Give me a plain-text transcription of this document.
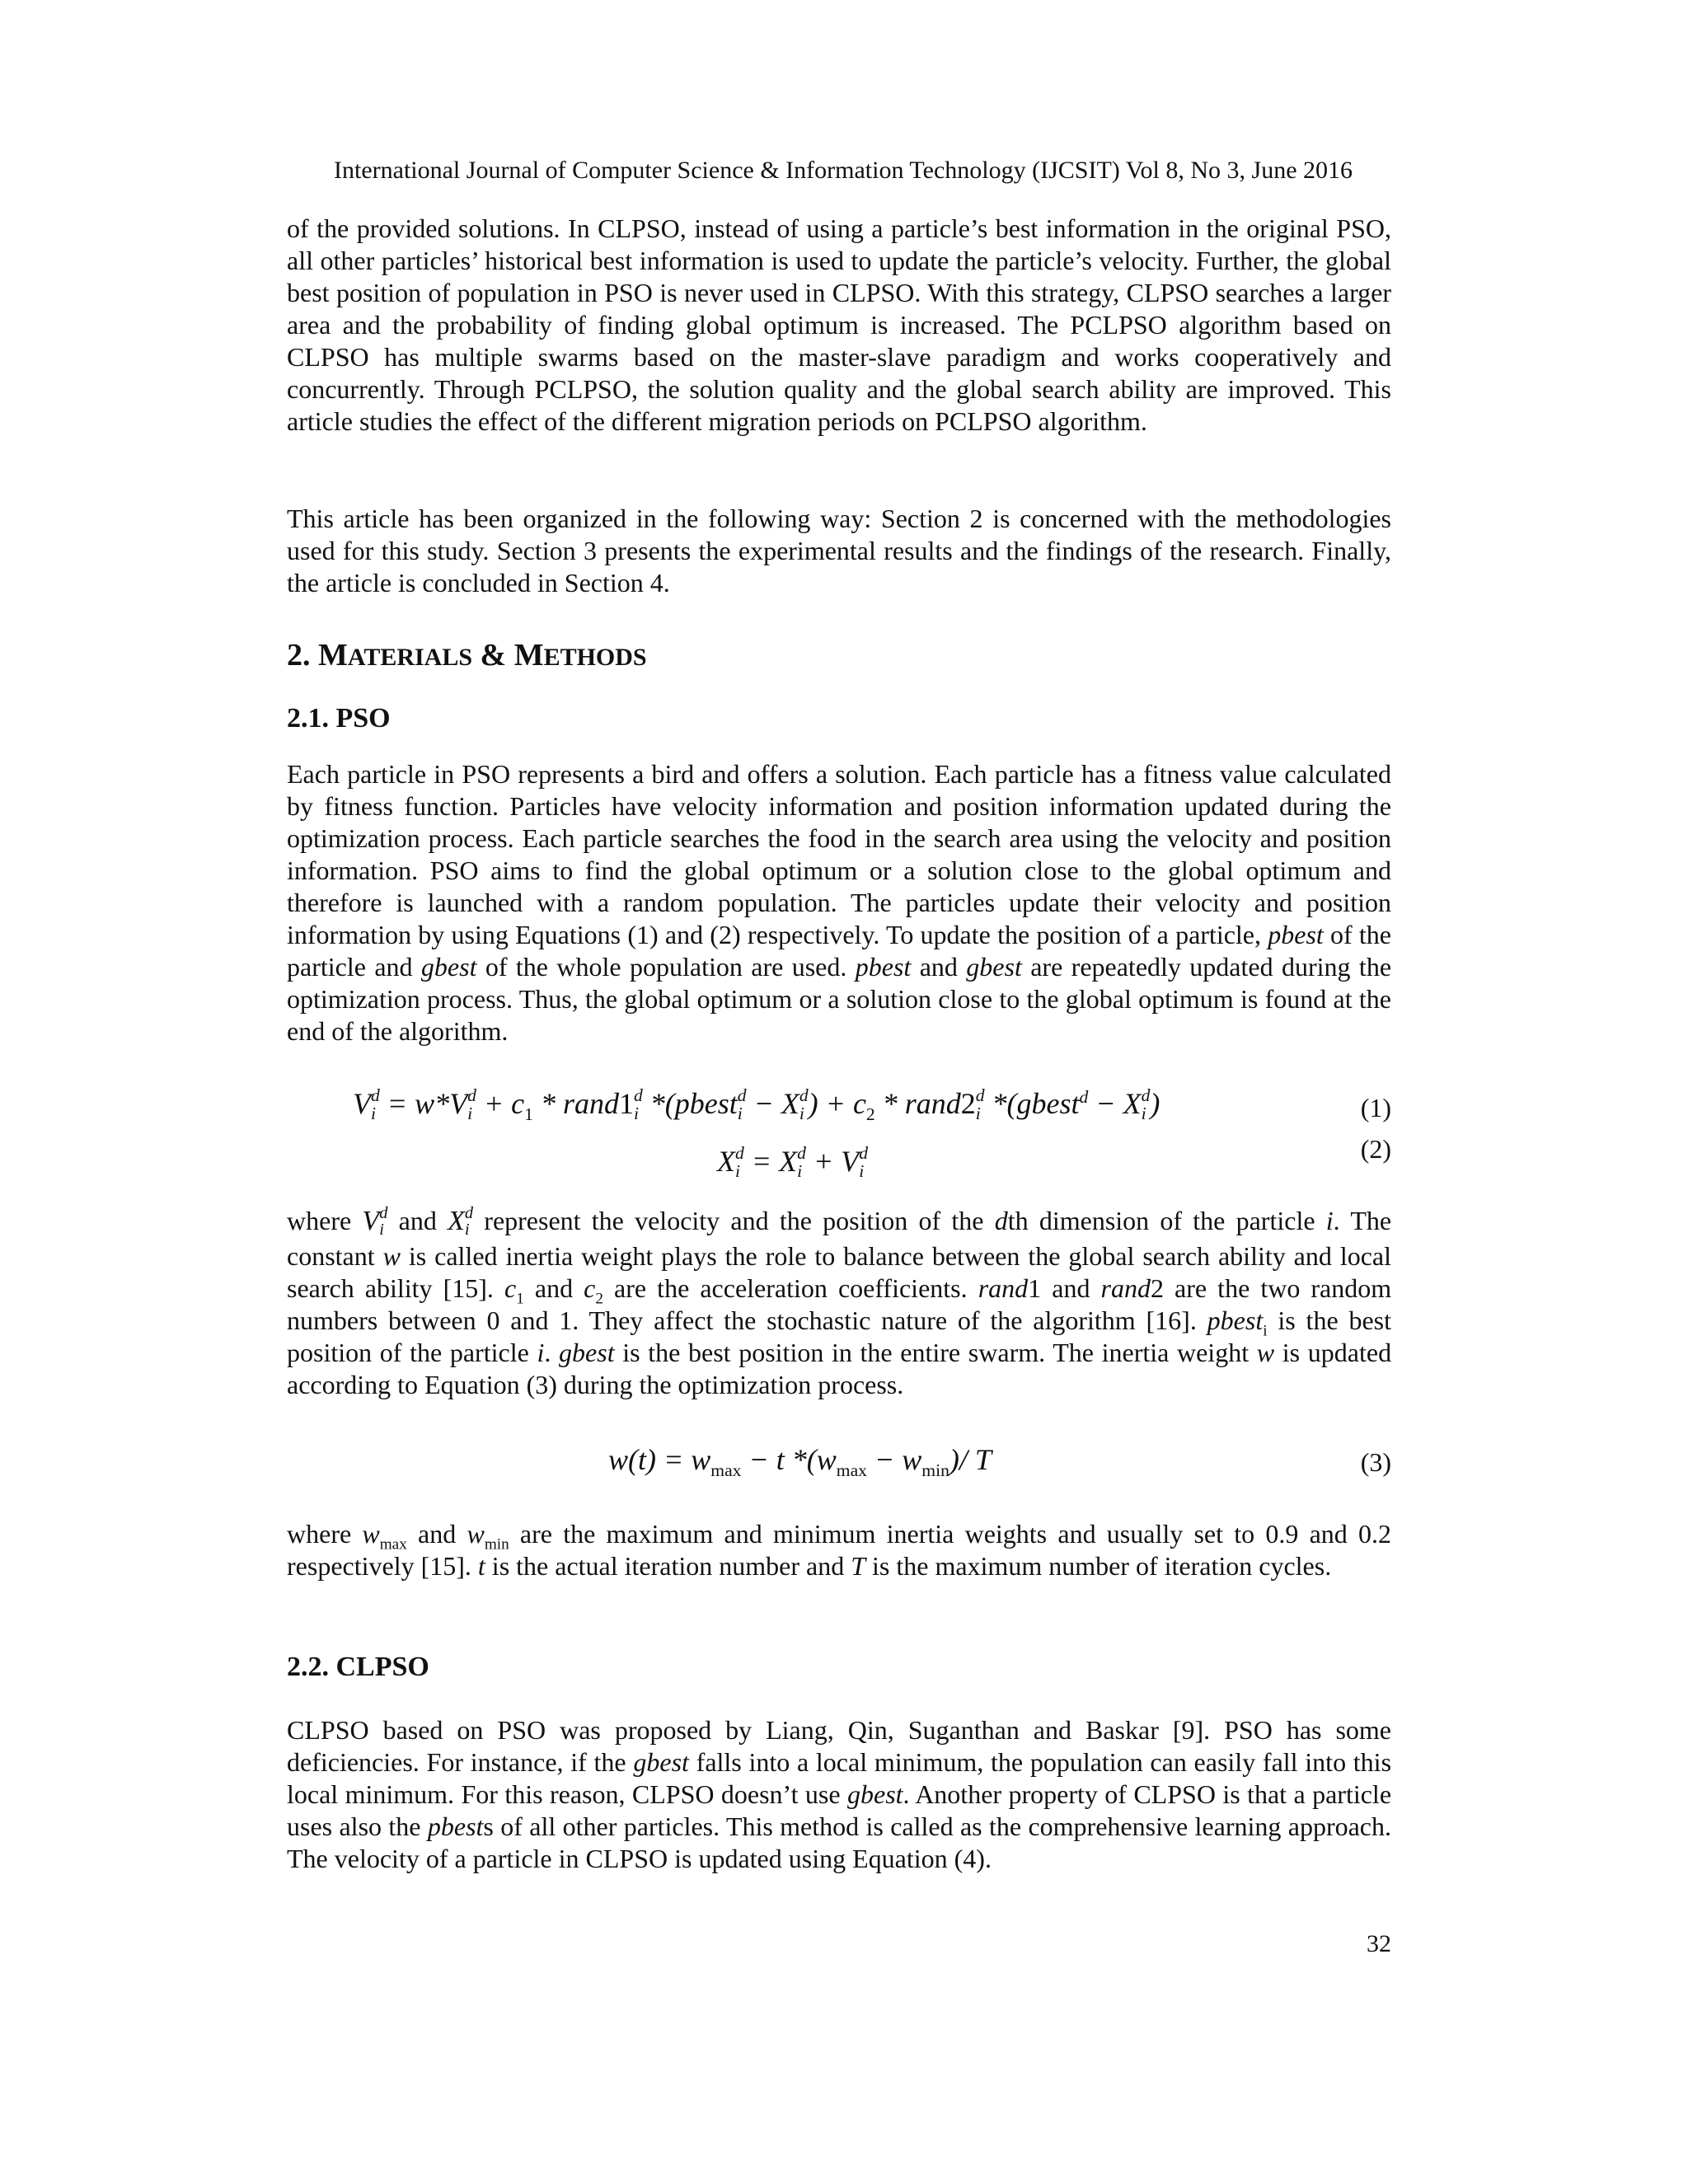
International Journal of Computer Science & Information Technology (IJCSIT) Vol 8, No 3, June 2016

of the provided solutions. In CLPSO, instead of using a particle’s best information in the original PSO, all other particles’ historical best information is used to update the particle’s velocity. Further, the global best position of population in PSO is never used in CLPSO. With this strategy, CLPSO searches a larger area and the probability of finding global optimum is increased. The PCLPSO algorithm based on CLPSO has multiple swarms based on the master-slave paradigm and works cooperatively and concurrently. Through PCLPSO, the solution quality and the global search ability are improved. This article studies the effect of the different migration periods on PCLPSO algorithm.

This article has been organized in the following way: Section 2 is concerned with the methodologies used for this study. Section 3 presents the experimental results and the findings of the research. Finally, the article is concluded in Section 4.

2. MATERIALS & METHODS
2.1. PSO

Each particle in PSO represents a bird and offers a solution. Each particle has a fitness value calculated by fitness function. Particles have velocity information and position information updated during the optimization process. Each particle searches the food in the search area using the velocity and position information. PSO aims to find the global optimum or a solution close to the global optimum and therefore is launched with a random population. The particles update their velocity and position information by using Equations (1) and (2) respectively. To update the position of a particle, pbest of the particle and gbest of the whole population are used. pbest and gbest are repeatedly updated during the optimization process. Thus, the global optimum or a solution close to the global optimum is found at the end of the algorithm.

V d
i = w*V d
$i + c_1$ * rand1 d
i *(pbest d
i − X d
i ) + $c_2$ * rand2 d
i *(gbest$^d$ − X d
i )	(1)
X d
i = X d
i + V d
i
(2)

where V d
i and X d
i represent the velocity and the position of the dth dimension of the particle i. The constant w is called inertia weight plays the role to balance between the global search ability and local search ability [15]. $c_1$ and $c_2$ are the acceleration coefficients. rand1 and rand2 are the two random numbers between 0 and 1. They affect the stochastic nature of the algorithm [16]. pbest$_i$ is the best position of the particle i. gbest is the best position in the entire swarm. The inertia weight w is updated according to Equation (3) during the optimization process.

$w(t) = w_{max} - t$ $*(w_{max} - w_{min})/$ T	(3)

where $w_{max}$ and $w_{min}$ are the maximum and minimum inertia weights and usually set to 0.9 and 0.2 respectively [15]. t is the actual iteration number and T is the maximum number of iteration cycles.

2.2. CLPSO

CLPSO based on PSO was proposed by Liang, Qin, Suganthan and Baskar [9]. PSO has some deficiencies. For instance, if the gbest falls into a local minimum, the population can easily fall into this local minimum. For this reason, CLPSO doesn’t use gbest. Another property of CLPSO is that a particle uses also the pbests of all other particles. This method is called as the comprehensive learning approach. The velocity of a particle in CLPSO is updated using Equation (4).

32
